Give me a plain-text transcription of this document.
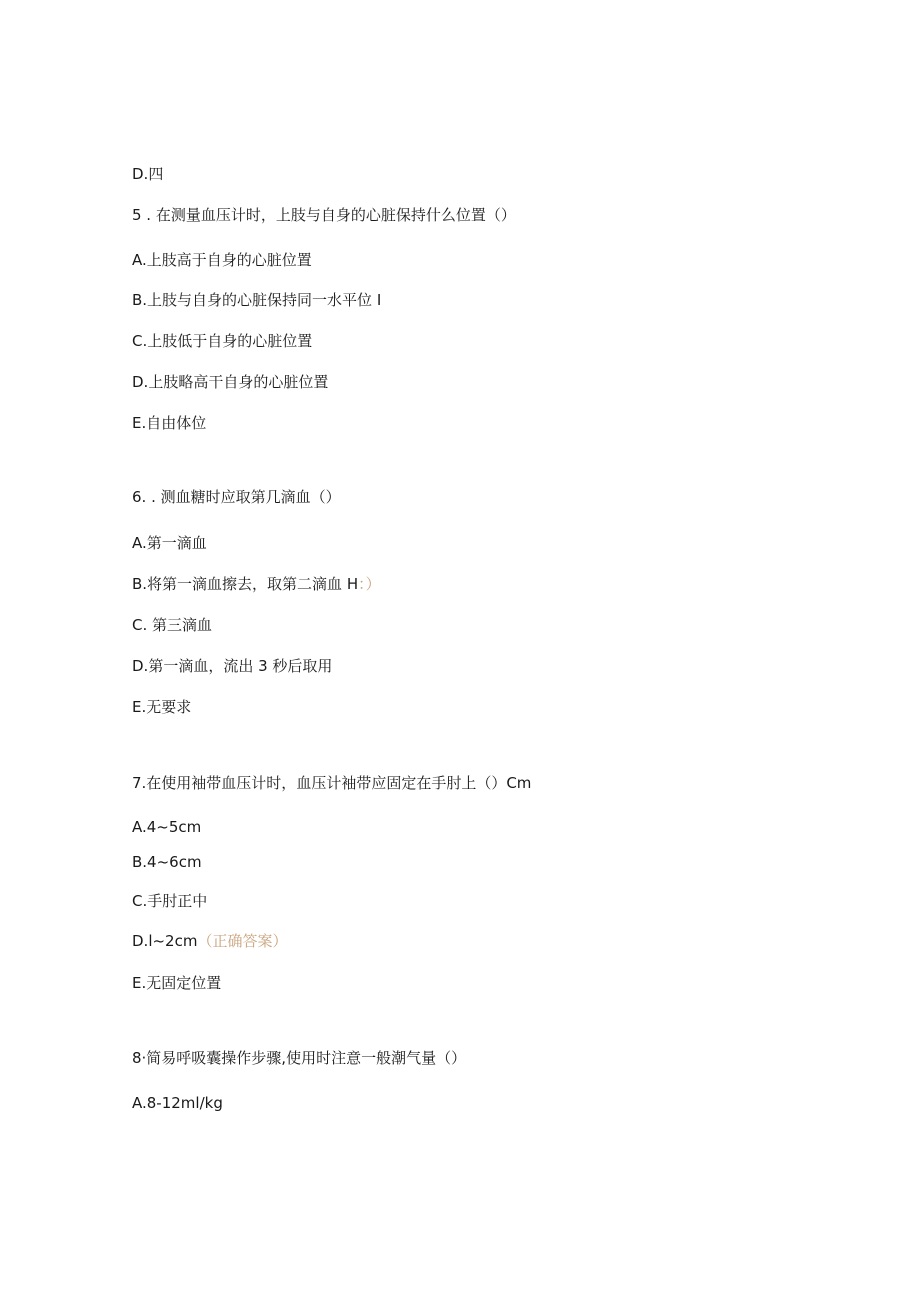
D.四
5 . 在测量血压计时，上肢与自身的心脏保持什么位置（）
A.上肢高于自身的心脏位置
B.上肢与自身的心脏保持同一水平位 I
C.上肢低于自身的心脏位置
D.上肢略高干自身的心脏位置
E.自由体位
6. . 测血糖时应取第几滴血（）
A.第一滴血
B.将第一滴血擦去，取第二滴血 H：）
C. 第三滴血
D.第一滴血，流出 3 秒后取用
E.无要求
7.在使用袖带血压计时，血压计袖带应固定在手肘上（）Cm
A.4~5cm
B.4~6cm
C.手肘正中
D.l~2cm（正确答案）
E.无固定位置
8·简易呼吸囊操作步骤,使用时注意一般潮气量（）
A.8-12ml/kg
